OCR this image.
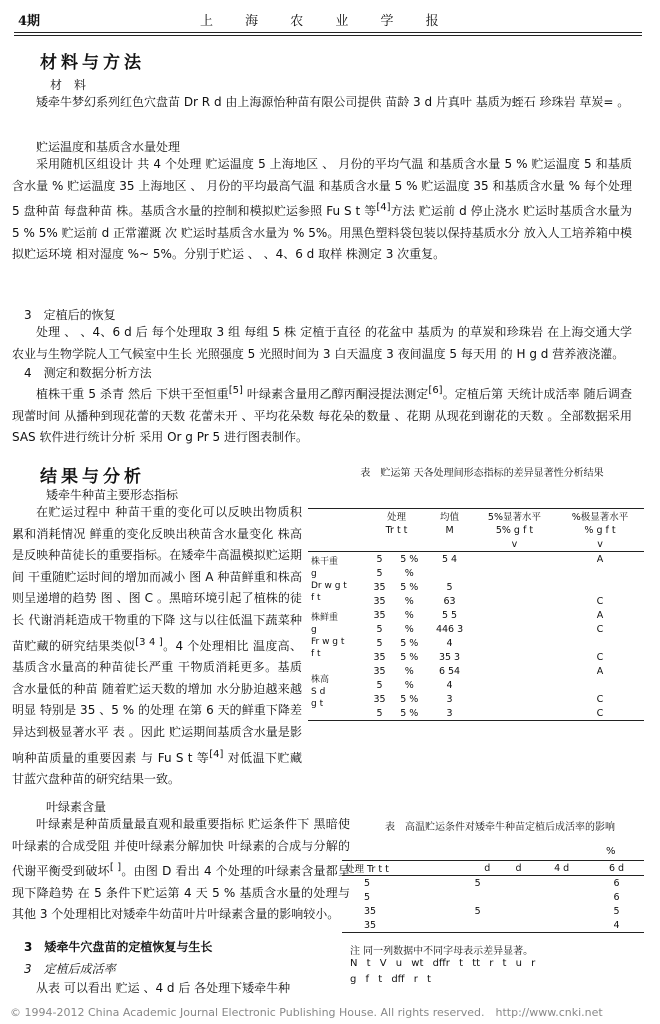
4期	上 海 农 业 学 报
材料与方法
材　料
矮牵牛梦幻系列红色穴盘苗 Dr R d 由上海源怡种苗有限公司提供 苗龄 3 d 片真叶 基质为蛭石 珍珠岩 草炭= 。
贮运温度和基质含水量处理
采用随机区组设计 共 4 个处理 贮运温度 5 上海地区 、 月份的平均气温 和基质含水量 5 % 贮运温度 5 和基质含水量 % 贮运温度 35 上海地区 、 月份的平均最高气温 和基质含水量 5 % 贮运温度 35 和基质含水量 % 每个处理 5 盘种苗 每盘种苗 株。基质含水量的控制和模拟贮运参照 Fu S t 等[4]方法 贮运前 d 停止浇水 贮运时基质含水量为 5 % 5% 贮运前 d 正常灌溉 次 贮运时基质含水量为 % 5%。用黑色塑料袋包装以保持基质水分 放入人工培养箱中模拟贮运环境 相对湿度 %~ 5%。分别于贮运 、 、4、6 d 取样 株测定 3 次重复。
3　定植后的恢复
处理 、 、4、6 d 后 每个处理取 3 组 每组 5 株 定植于直径 的花盆中 基质为 的草炭和珍珠岩 在上海交通大学农业与生物学院人工气候室中生长 光照强度 5 光照时间为 3 白天温度 3 夜间温度 5 每天用 的 H g d 营养液浇灌。
4　测定和数据分析方法
植株干重 5 杀青 然后 下烘干至恒重[5] 叶绿素含量用乙醇丙酮浸提法测定[6]。定植后第 天统计成活率 随后调查现蕾时间 从播种到现花蕾的天数 花蕾未开 、平均花朵数 每花朵的数量 、花期 从现花到谢花的天数 。全部数据采用 SAS 软件进行统计分析 采用 Or g Pr 5 进行图表制作。
结果与分析
矮牵牛种苗主要形态指标
在贮运过程中 种苗干重的变化可以反映出物质积累和消耗情况 鲜重的变化反映出秧苗含水量变化 株高是反映种苗徒长的重要指标。在矮牵牛高温模拟贮运期间 干重随贮运时间的增加而减小 图 A 种苗鲜重和株高则呈递增的趋势 图 、图 C 。黑暗环境引起了植株的徒长 代谢消耗造成干物重的下降 这与以往低温下蔬菜种苗贮藏的研究结果类似[3 4 ]。4 个处理相比 温度高、基质含水量高的种苗徒长严重 干物质消耗更多。基质含水量低的种苗 随着贮运天数的增加 水分胁迫越来越明显 特别是 35 、5 % 的处理 在第 6 天的鲜重下降差异达到极显著水平 表 。因此 贮运期间基质含水量是影响种苗质量的重要因素 与 Fu S t 等[4] 对低温下贮藏甘蓝穴盘种苗的研究结果一致。
表　贮运第 天各处理间形态指标的差异显著性分析结果
	处理		均值	5%显著水平	%极显著水平
	Tr t t		M	5% g f t	% g f t
				v	v

株干重
g
Dr w g t
f t	5	5 %	5 4		A
	5	%			
	35	5 %	5		
	35	%	63		C

株鲜重
g
Fr w g t
f t	35	%	5 5		A
	5	%	446 3		C
	5	5 %	4		
	35	5 %	35 3		C

株高
S d
g t	35	%	6 54		A
	5	%	4		
	35	5 %	3		C
	5	5 %	3		C
叶绿素含量
叶绿素是种苗质量最直观和最重要指标 贮运条件下 黑暗使叶绿素的合成受阻 并使叶绿素分解加快 叶绿素的合成与分解的代谢平衡受到破坏[ ]。由图 D 看出 4 个处理的叶绿素含量都呈现下降趋势 在 5 条件下贮运第 4 天 5 % 基质含水量的处理与其他 3 个处理相比对矮牵牛幼苗叶片叶绿素含量的影响较小。
表　高温贮运条件对矮牵牛种苗定植后成活率的影响
%
处理 Tr t t	d	d	4 d	6 d
5	5			6
5				6
35	5			5
35				4
注 同一列数据中不同字母表示差异显著。
N t V u wt dffr t tt r t u r
g f t dff r t
3　矮牵牛穴盘苗的定植恢复与生长
3　定植后成活率
从表 可以看出 贮运 、4 d 后 各处理下矮牵牛种
© 1994-2012 China Academic Journal Electronic Publishing House. All rights reserved.　http://www.cnki.net
